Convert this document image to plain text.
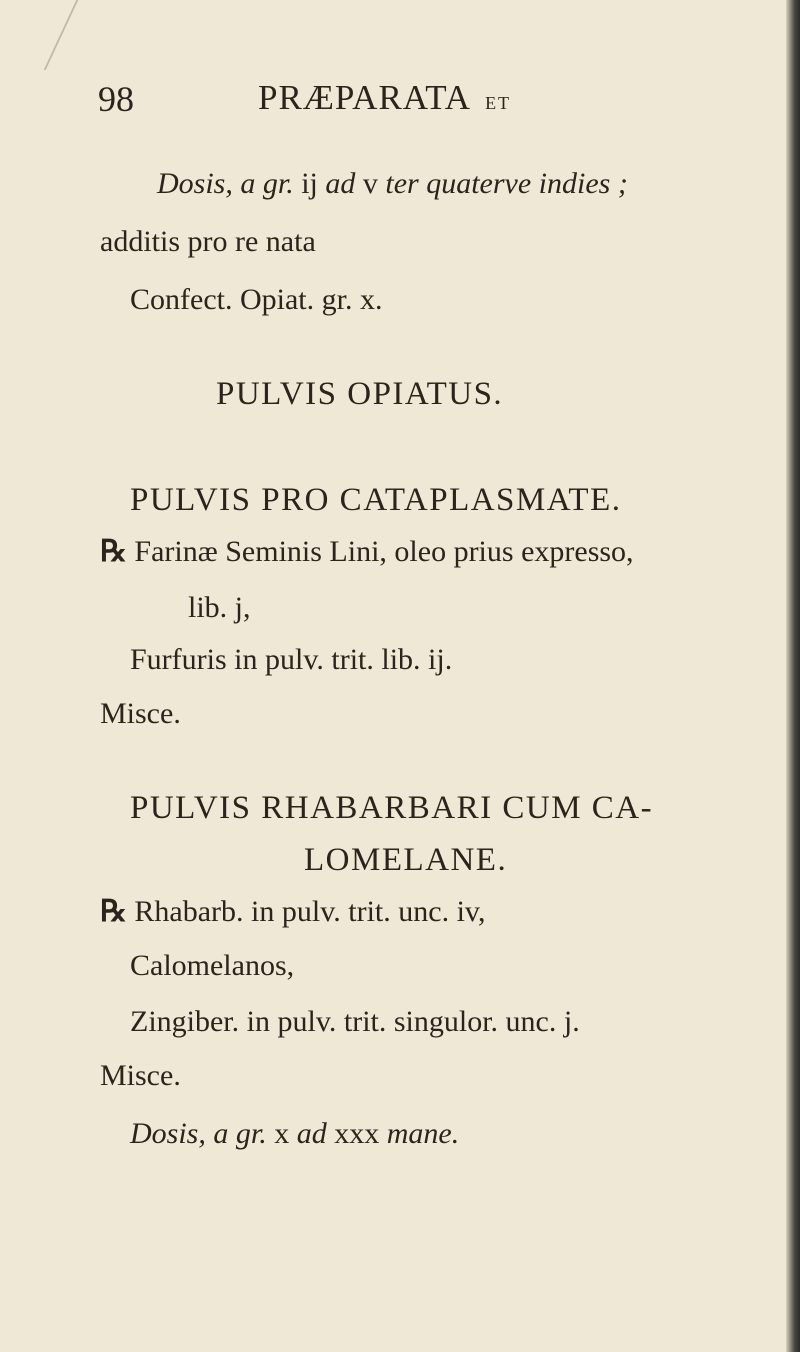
98	PRÆPARATA ET
Dosis, a gr. ij ad v ter quaterve indies ;
additis pro re nata
Confect. Opiat. gr. x.
PULVIS OPIATUS.
PULVIS PRO CATAPLASMATE.
℞ Farinæ Seminis Lini, oleo prius expresso,
lib. j,
Furfuris in pulv. trit. lib. ij.
Misce.
PULVIS RHABARBARI CUM CA-
LOMELANE.
℞ Rhabarb. in pulv. trit. unc. iv,
Calomelanos,
Zingiber. in pulv. trit. singulor. unc. j.
Misce.
Dosis, a gr. x ad xxx mane.
